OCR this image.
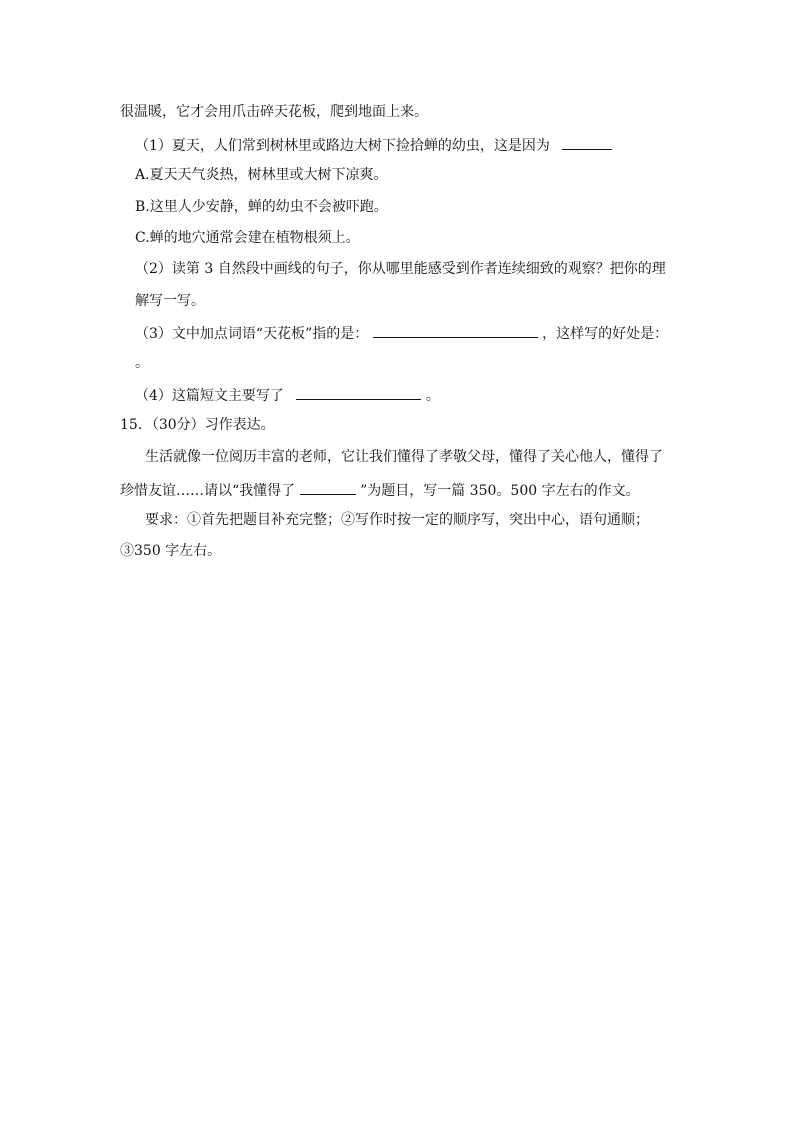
很温暖，它才会用爪击碎天花板，爬到地面上来。
（1）夏天，人们常到树林里或路边大树下捡拾蝉的幼虫，这是因为
A.夏天天气炎热，树林里或大树下凉爽。
B.这里人少安静，蝉的幼虫不会被吓跑。
C.蝉的地穴通常会建在植物根须上。
（2）读第 3 自然段中画线的句子，你从哪里能感受到作者连续细致的观察？把你的理
解写一写。
（3）文中加点词语“天花板”指的是：	，这样写的好处是：
。
（4）这篇短文主要写了	。
15．（30分）习作表达。
生活就像一位阅历丰富的老师，它让我们懂得了孝敬父母，懂得了关心他人，懂得了
珍惜友谊……请以“我懂得了	”为题目，写一篇 350。500 字左右的作文。
要求：①首先把题目补充完整；②写作时按一定的顺序写，突出中心，语句通顺；
③350 字左右。
